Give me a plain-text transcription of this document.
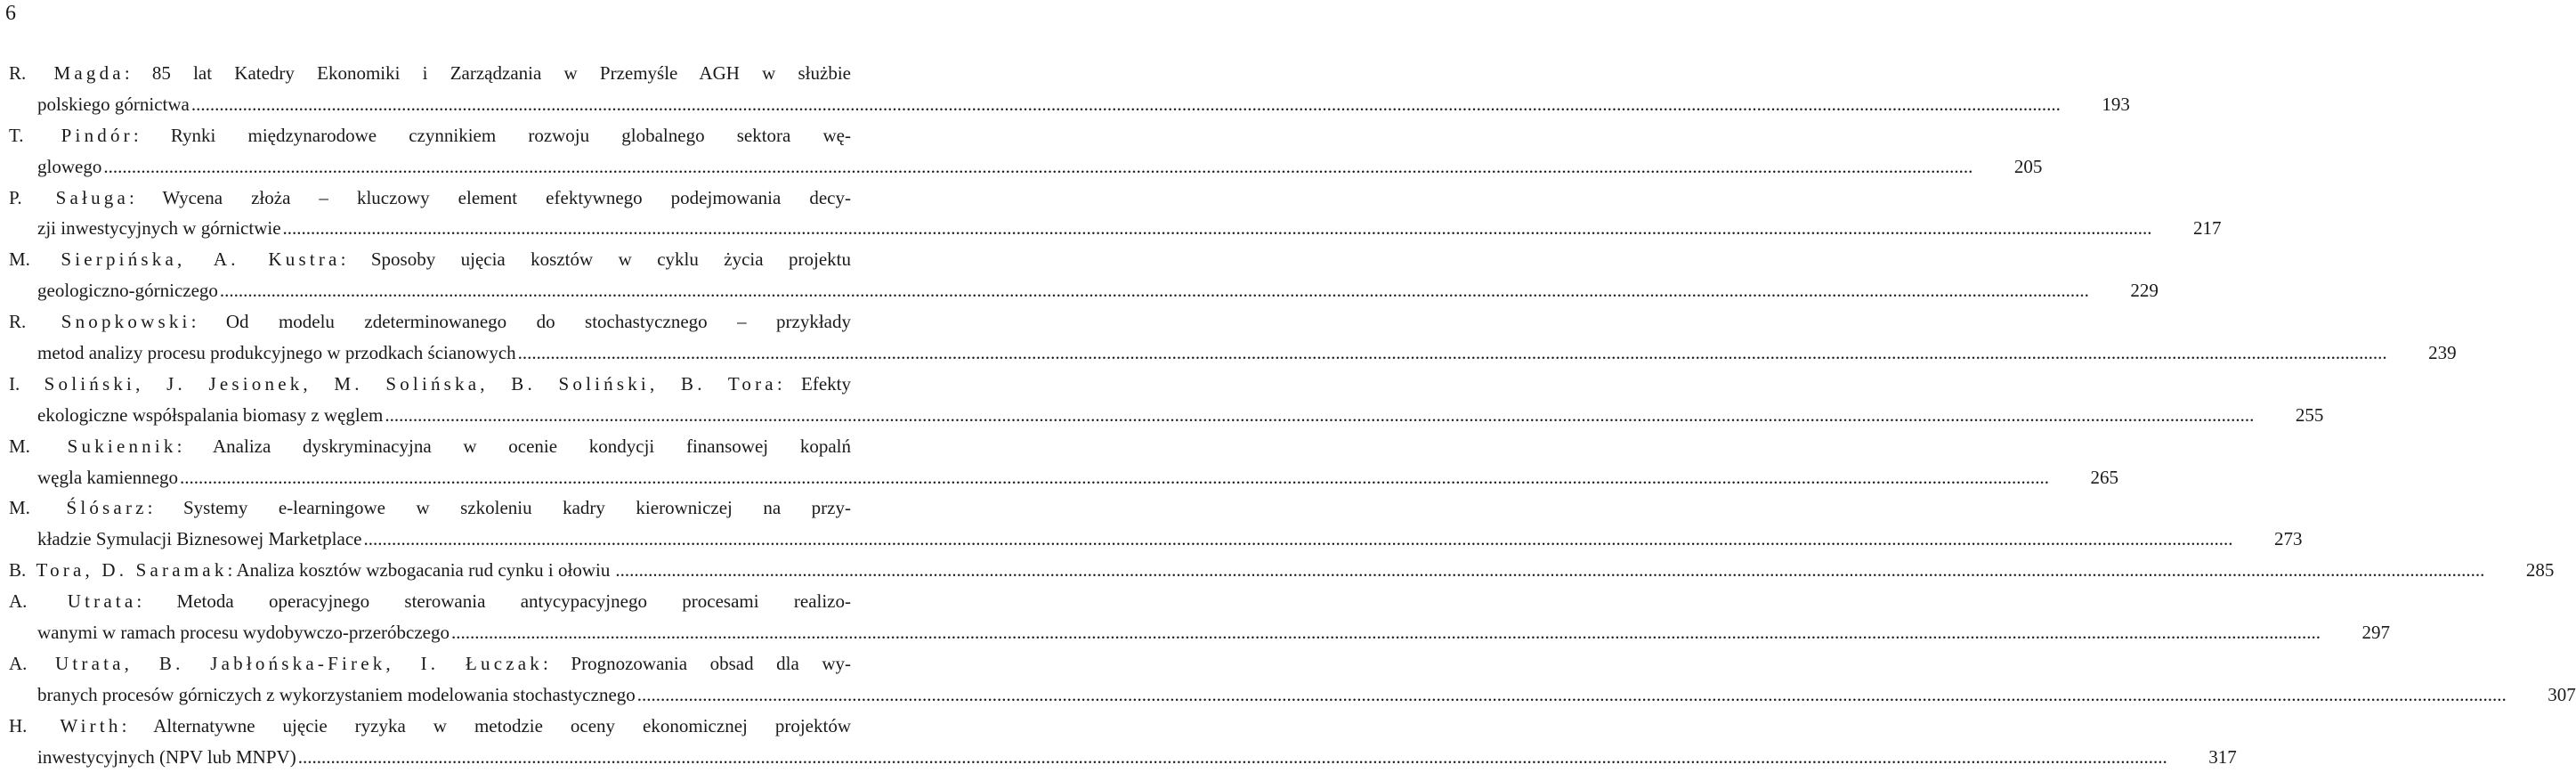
6
R. Magda: 85 lat Katedry Ekonomiki i Zarządzania w Przemyśle AGH w służbie
polskiego górnictwa ................................................................................................................................................................................................................................................................................................................................................................................................................	193
T. Pindór: Rynki międzynarodowe czynnikiem rozwoju globalnego sektora wę-
glowego ................................................................................................................................................................................................................................................................................................................................................................................................................	205
P. Saługa: Wycena złoża – kluczowy element efektywnego podejmowania decy-
zji inwestycyjnych w górnictwie ................................................................................................................................................................................................................................................................................................................................................................................................................	217
M. Sierpińska, A. Kustra: Sposoby ujęcia kosztów w cyklu życia projektu
geologiczno-górniczego ................................................................................................................................................................................................................................................................................................................................................................................................................	229
R. Snopkowski: Od modelu zdeterminowanego do stochastycznego – przykłady
metod analizy procesu produkcyjnego w przodkach ścianowych ................................................................................................................................................................................................................................................................................................................................................................................................................	239
I. Soliński, J. Jesionek, M. Solińska, B. Soliński, B. Tora: Efekty
ekologiczne współspalania biomasy z węglem ................................................................................................................................................................................................................................................................................................................................................................................................................	255
M. Sukiennik: Analiza dyskryminacyjna w ocenie kondycji finansowej kopalń
węgla kamiennego ................................................................................................................................................................................................................................................................................................................................................................................................................	265
M. Ślósarz: Systemy e-learningowe w szkoleniu kadry kierowniczej na przy-
kładzie Symulacji Biznesowej Marketplace ................................................................................................................................................................................................................................................................................................................................................................................................................	273
B. Tora, D. Saramak: Analiza kosztów wzbogacania rud cynku i ołowiu ................................................................................................................................................................................................................................................................................................................................................................................................................	285
A. Utrata: Metoda operacyjnego sterowania antycypacyjnego procesami realizo-
wanymi w ramach procesu wydobywczo-przeróbczego ................................................................................................................................................................................................................................................................................................................................................................................................................	297
A. Utrata, B. Jabłońska-Firek, I. Łuczak: Prognozowania obsad dla wy-
branych procesów górniczych z wykorzystaniem modelowania stochastycznego ................................................................................................................................................................................................................................................................................................................................................................................................................	307
H. Wirth: Alternatywne ujęcie ryzyka w metodzie oceny ekonomicznej projektów
inwestycyjnych (NPV lub MNPV) ................................................................................................................................................................................................................................................................................................................................................................................................................	317
